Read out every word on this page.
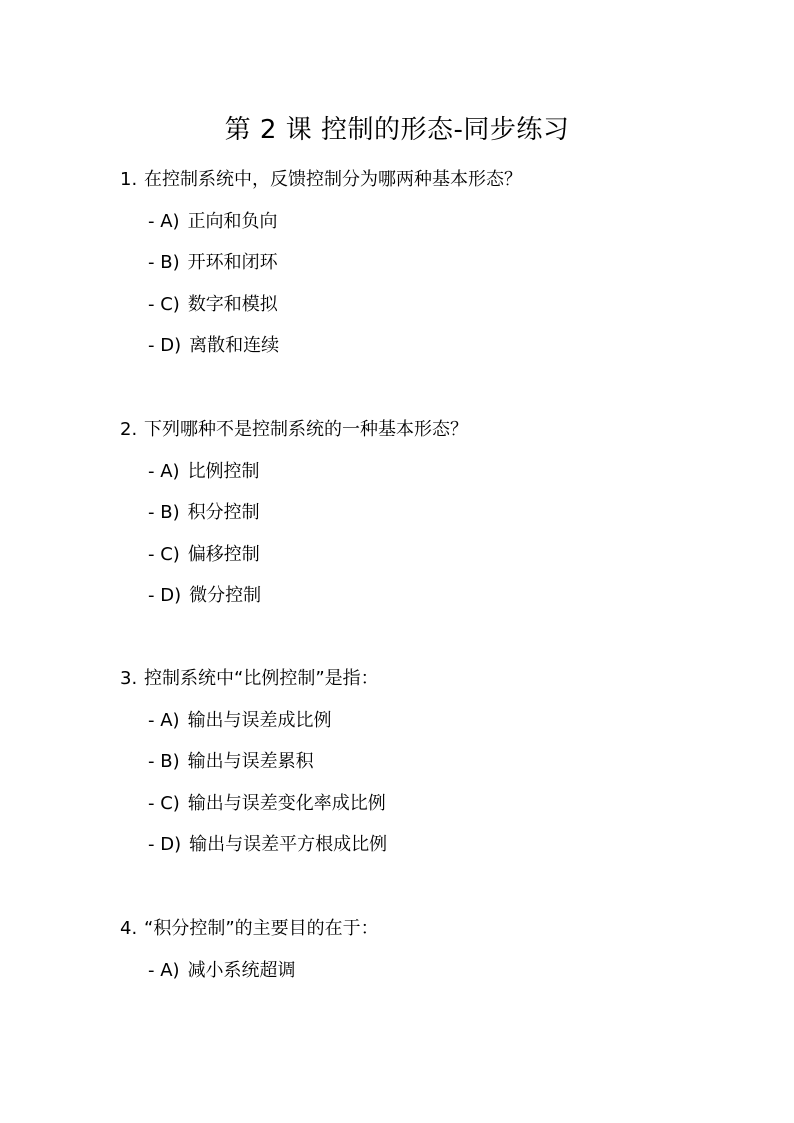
第 2 课 控制的形态-同步练习
1. 在控制系统中，反馈控制分为哪两种基本形态？
- A) 正向和负向
- B) 开环和闭环
- C) 数字和模拟
- D) 离散和连续
2. 下列哪种不是控制系统的一种基本形态？
- A) 比例控制
- B) 积分控制
- C) 偏移控制
- D) 微分控制
3. 控制系统中“比例控制”是指：
- A) 输出与误差成比例
- B) 输出与误差累积
- C) 输出与误差变化率成比例
- D) 输出与误差平方根成比例
4. “积分控制”的主要目的在于：
- A) 减小系统超调
